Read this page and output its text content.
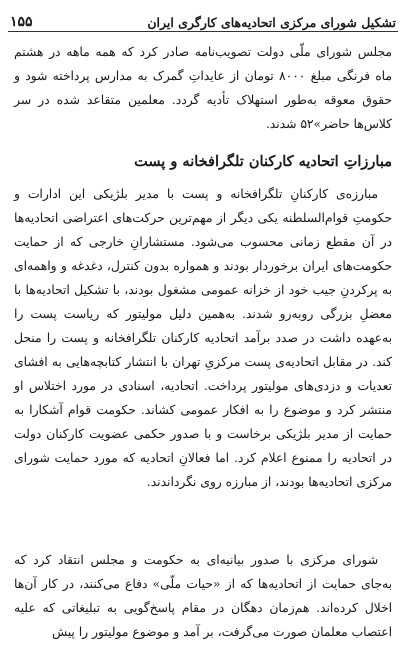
تشکیل شورای مرکزی اتحادیه‌های کارگری ایران
۱۵۵

مجلس شورای ملّی دولت تصویب‌نامه صادر کرد که همه ماهه در هشتم ماه فرنگی مبلغ ۸۰۰۰ تومان از عایداتِ گمرک به مدارس پرداخته شود و حقوق معوقه به‌طور استهلاک تأدیه گردد. معلمین متقاعد شده در سر کلاس‌ها حاضر»۵۲ شدند.

مبارزاتِ اتحادیه کارکنان تلگرافخانه و پست

مبارزه‌ی کارکنانِ تلگرافخانه و پست با مدیر بلژیکی این ادارات و حکومتِ قوام‌السلطنه یکی دیگر از مهم‌ترین حرکت‌های اعتراضی اتحادیه‌ها در آن مقطع زمانی محسوب می‌شود. مستشارانِ خارجی که از حمایت حکومت‌های ایران برخوردار بودند و همواره بدون کنترل، دغدغه و واهمه‌ای به پرکردنِ جیب خود از خزانه عمومی مشغول بودند، با تشکیل اتحادیه‌ها با معضلِ بزرگی رو‌به‌رو شدند. به‌همین دلیل مولیتور که ریاست پست را به‌عهده داشت در صدد برآمد اتحادیه کارکنان تلگرافخانه و پست را منحل کند. در مقابل اتحادیه‌ی پست مرکزیِ تهران با انتشار کتابچه‌هایی به افشای تعدیات و دزدی‌های مولیتور پرداخت. اتحادیه، اسنادی در مورد اختلاس او منتشر کرد و موضوع را به افکار عمومی کشاند. حکومت قوام آشکارا به حمایت از مدیر بلژیکی برخاست و با صدور حکمی عضویت کارکنان دولت در اتحادیه را ممنوع اعلام کرد. اما فعالانِ اتحادیه که مورد حمایت شورای مرکزی اتحادیه‌ها بودند، از مبارزه روی نگرداندند.

شورای مرکزی با صدور بیانیه‌ای به حکومت و مجلس انتقاد کرد که به‌جای حمایت از اتحادیه‌ها که از «حیات ملّی» دفاع می‌کنند، در کار آن‌ها اخلال کرده‌اند. هم‌زمان دهگان در مقام پاسخ‌گویی به تبلیغاتی که علیه اعتصاب معلمان صورت می‌گرفت، بر آمد و موضوع مولیتور را پیش
